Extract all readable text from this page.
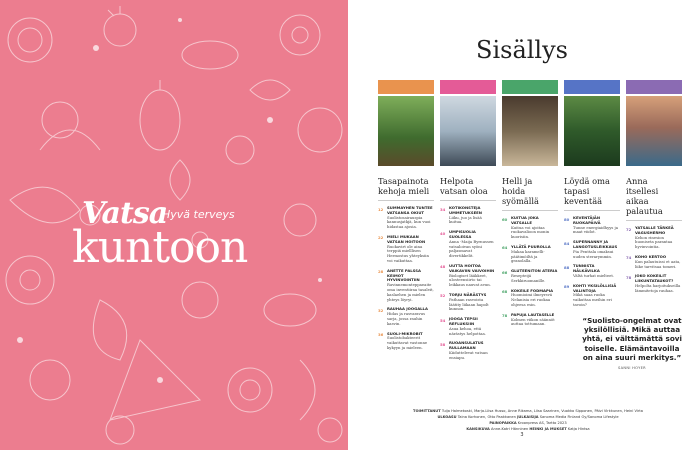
Vatsa
Hyvä terveys
kuntoon
Sisällys
Tasapainota kehoja mieli
12 SUMMAYHEN TUNTEE VATSANSA OKIUT
Suolistosairauspia kannusjatkjä, kun vuoi hidastaa ajosia.
22 MIELI MUKAAN VATSAN HOITOON
Ruokavirt ole aina terppiä mielllisen Hermostus yhteyksiin voi vaikuttaa.
28 ANETTE PALSSA KEIMOT HYVINVOINTIIN
Ravinnemonteppaeaite oma inventiiraa tasaleit, kaslaehen ja mielen yhteys löyryi.
32 RAUHAA JOOGALLA
Hidas ja rasvaravus sarja, jossa rauhin kasvin.
36 SUOLI-MIKROBIT
Suolistobakteerit vaikuttavat vastonne kykyyn ja mieleen.
Helpota vatsan oloa
34 KOTIKONSTEJA UMMETUKSEEN
Liiku, juo ja lisää kuitua.
40 UMPISUOLIA SUOLESSA
Anna -Maija Byrnussen vatsaloivan syöni paljasmavat divertikkelit.
48 UUTTA HOITOA VAIKAVIIN VAIVOIHIN
Biologiset lääkkeet, ulosteensiirto tai leikkaus nauvat avun.
52 TORJU NÄRÄSTYS
Pathaan rasvoista läätity liikaan hapolt kunnon.
54 JOOGA TEPSII REFLUKSIIN
Asua kehoa, että närästys helpottaa.
58 RUOANSULATUS RULLAMAAN
Kiiduttelevat vatsan ensiapu.
Helli ja hoida syömällä
60 KUITUA JOKA VATSALLE
Kuitua voi ajoitaa ruokavalioon monin kuorisiin.
64 YLLÄTÄ PUUROLLA
Makaa karamelli-päätimöiltä ja granolalla.
66 GLUTEENITON ATERIA
Resepteijä Serkkiruomanille.
68 KOKEILE FODMAPIA
Huomioimi ilmeyrsvä Nelanisia eri ruokaa ohjeesa esin.
78 PAPUJA LAUTASELLE
Kolmen viikon säännöt auttaa tottumaan.
Löydä oma tapasi keventää
80 KEVENTÄJÄN RUOKAPÄIVÄ
Tunne energiaidhyys ja maat viidot.
84 SUPERNANNY JA LANGOTUSLEIKKAUS
Pia Penttala omaksui uuden sterarymmin.
88 TUNNISTA NÄLKÄVILKA
Vältä turhat mielteet.
89 KOHTI YKSILÖLLISIÄ VALINTOJA
Mikä saaa ruoka vaikuttaa meihin eri tavoin?
Anna itsellesi aikaa palautua
72 YATSALLE TÄRKEÄ VAGUSHERMO
Kehon rinesion huoniseta parantaa hyvinvointia.
74 KOHO KERTOO
Kun palautuissi et aata, liike tarvitsaa tomeri.
78 JOKO KOKEILIT LIIKUNTATAUKOT?
Helpolta harjoitukseilla lämmitetoja rauhaa.
“Suolisto-ongelmat ovat yksilöllisiä. Mikä auttaa yhtä, ei välttämättä sovi toiselle. Elämäntavoilla on aina suuri merkitys.”
SANNI HOYER
TOIMITTANUT Tuija Halmekoski, Marja-Liisa Husso, Anne Rikama, Liisa Saarinen, Vuokko Sipponen, Päivi Virkkunen, Heini Virta
ULKOASU Taina Korhonen, Otto Paakkanen JULKAISIJA Sanoma Media Finland Oy/Sanoma Lifestyle
PAINOPAIKKA Kroonpress AS, Tartto 2023
KANSIKUVA Anne-Katri Hänninen HEINKI JA MUKSET Katja Hintsa
3
